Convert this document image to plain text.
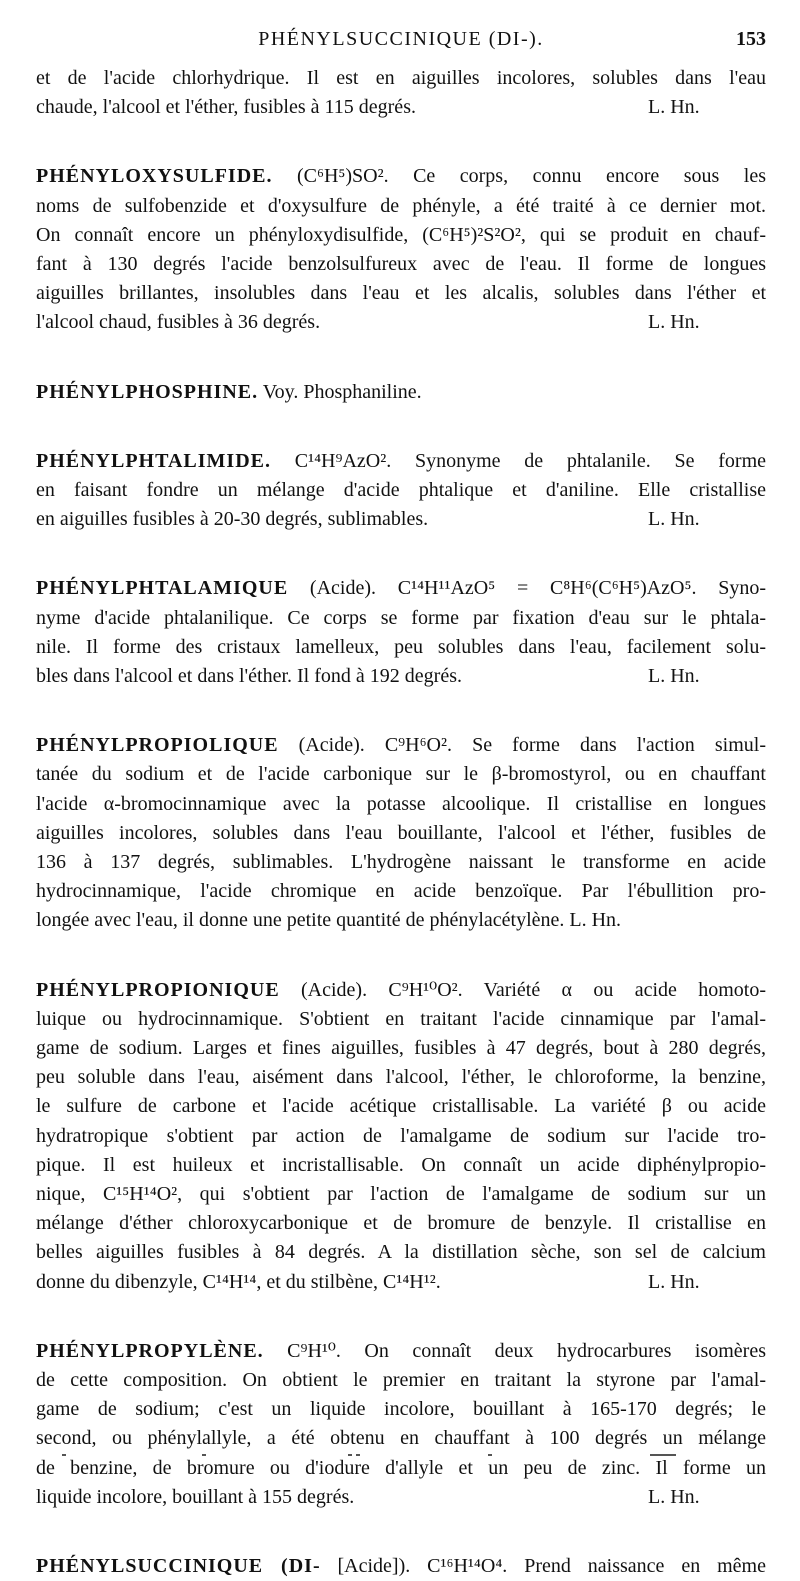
PHÉNYLSUCCINIQUE (DI-).	153
et de l'acide chlorhydrique. Il est en aiguilles incolores, solubles dans l'eau
chaude, l'alcool et l'éther, fusibles à 115 degrés.	L. Hn.
PHÉNYLOXYSULFIDE. (C⁶H⁵)SO². Ce corps, connu encore sous les
noms de sulfobenzide et d'oxysulfure de phényle, a été traité à ce dernier mot.
On connaît encore un phényloxydisulfide, (C⁶H⁵)²S²O², qui se produit en chauf-
fant à 130 degrés l'acide benzolsulfureux avec de l'eau. Il forme de longues
aiguilles brillantes, insolubles dans l'eau et les alcalis, solubles dans l'éther et
l'alcool chaud, fusibles à 36 degrés.	L. Hn.
PHÉNYLPHOSPHINE. Voy. Phosphaniline.
PHÉNYLPHTALIMIDE. C¹⁴H⁹AzO². Synonyme de phtalanile. Se forme
en faisant fondre un mélange d'acide phtalique et d'aniline. Elle cristallise
en aiguilles fusibles à 20-30 degrés, sublimables.	L. Hn.
PHÉNYLPHTALAMIQUE (Acide). C¹⁴H¹¹AzO⁵ = C⁸H⁶(C⁶H⁵)AzO⁵. Syno-
nyme d'acide phtalanilique. Ce corps se forme par fixation d'eau sur le phtala-
nile. Il forme des cristaux lamelleux, peu solubles dans l'eau, facilement solu-
bles dans l'alcool et dans l'éther. Il fond à 192 degrés.	L. Hn.
PHÉNYLPROPIOLIQUE (Acide). C⁹H⁶O². Se forme dans l'action simul-
tanée du sodium et de l'acide carbonique sur le β-bromostyrol, ou en chauffant
l'acide α-bromocinnamique avec la potasse alcoolique. Il cristallise en longues
aiguilles incolores, solubles dans l'eau bouillante, l'alcool et l'éther, fusibles de
136 à 137 degrés, sublimables. L'hydrogène naissant le transforme en acide
hydrocinnamique, l'acide chromique en acide benzoïque. Par l'ébullition pro-
longée avec l'eau, il donne une petite quantité de phénylacétylène. L. Hn.
PHÉNYLPROPIONIQUE (Acide). C⁹H¹⁰O². Variété α ou acide homoto-
luique ou hydrocinnamique. S'obtient en traitant l'acide cinnamique par l'amal-
game de sodium. Larges et fines aiguilles, fusibles à 47 degrés, bout à 280 degrés,
peu soluble dans l'eau, aisément dans l'alcool, l'éther, le chloroforme, la benzine,
le sulfure de carbone et l'acide acétique cristallisable. La variété β ou acide
hydratropique s'obtient par action de l'amalgame de sodium sur l'acide tro-
pique. Il est huileux et incristallisable. On connaît un acide diphénylpropio-
nique, C¹⁵H¹⁴O², qui s'obtient par l'action de l'amalgame de sodium sur un
mélange d'éther chloroxycarbonique et de bromure de benzyle. Il cristallise en
belles aiguilles fusibles à 84 degrés. A la distillation sèche, son sel de calcium
donne du dibenzyle, C¹⁴H¹⁴, et du stilbène, C¹⁴H¹².	L. Hn.
PHÉNYLPROPYLÈNE. C⁹H¹⁰. On connaît deux hydrocarbures isomères
de cette composition. On obtient le premier en traitant la styrone par l'amal-
game de sodium; c'est un liquide incolore, bouillant à 165-170 degrés; le
second, ou phénylallyle, a été obtenu en chauffant à 100 degrés un mélange
de benzine, de bromure ou d'iodure d'allyle et un peu de zinc. Il forme un
liquide incolore, bouillant à 155 degrés.	L. Hn.
PHÉNYLSUCCINIQUE (DI- [Acide]). C¹⁶H¹⁴O⁴. Prend naissance en même
